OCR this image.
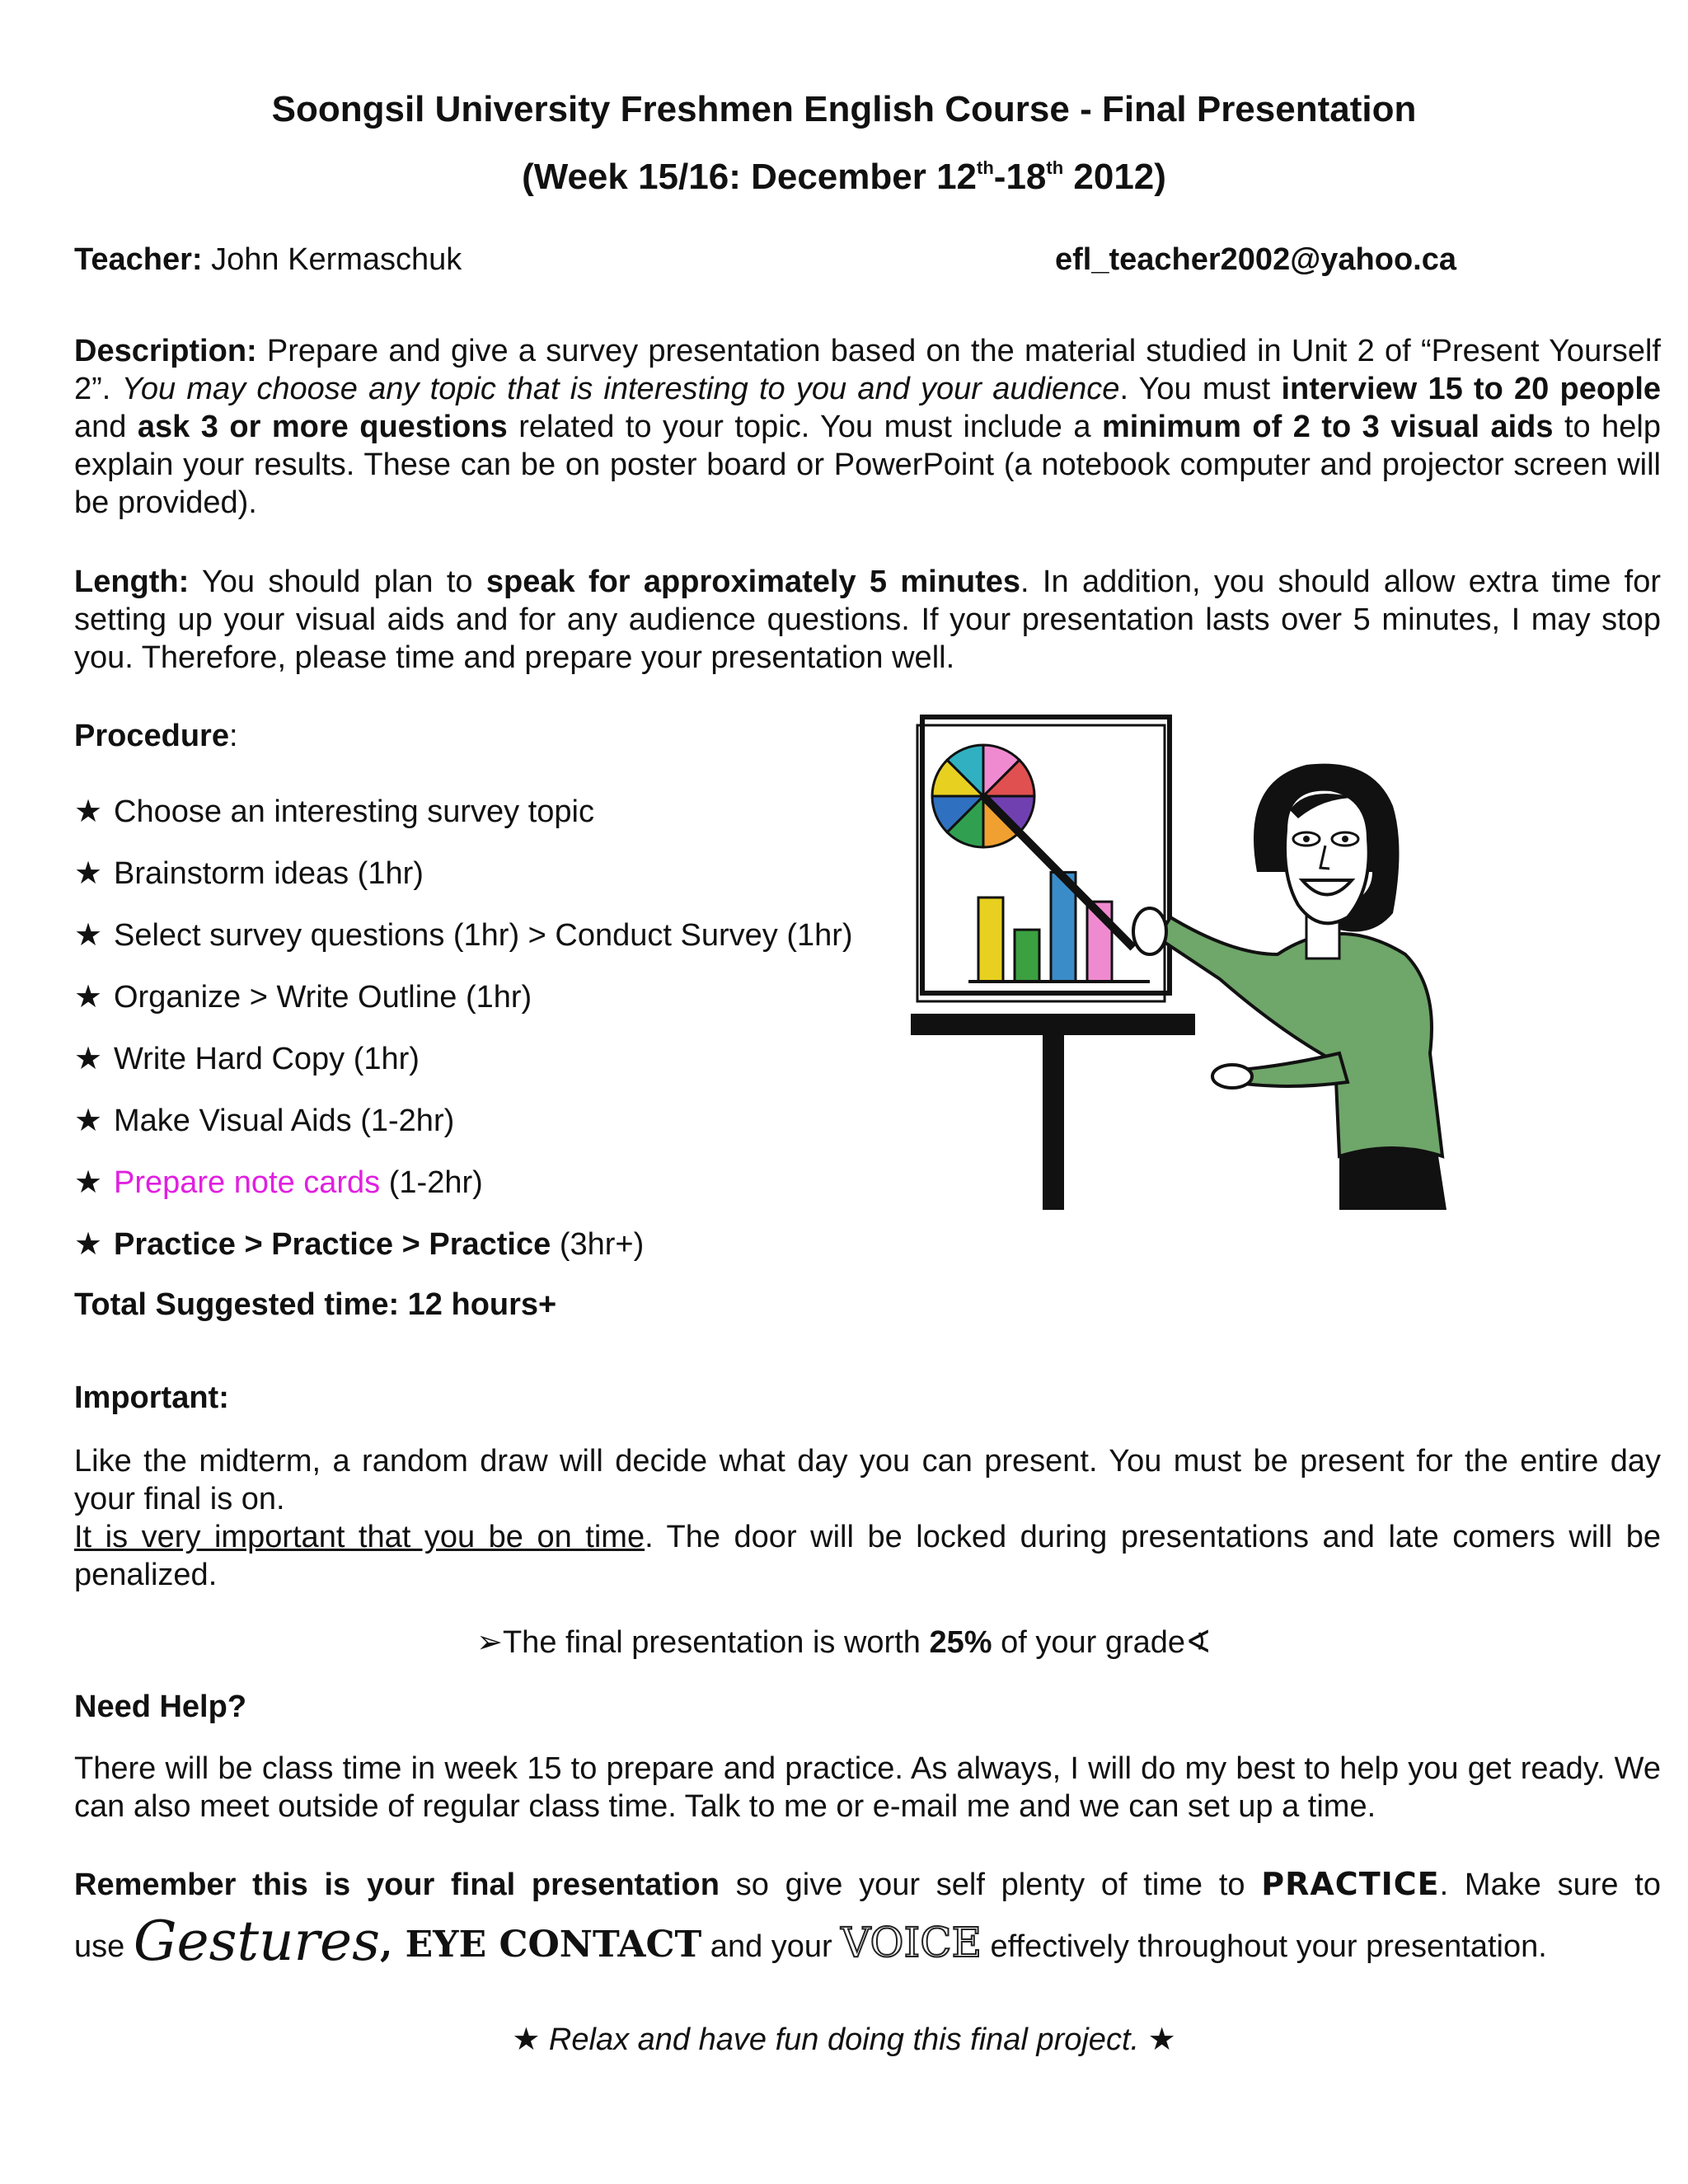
Soongsil University Freshmen English Course - Final Presentation
(Week 15/16: December 12th-18th 2012)
Teacher: John Kermaschuk	efl_teacher2002@yahoo.ca
Description: Prepare and give a survey presentation based on the material studied in Unit 2 of “Present Yourself 2”. You may choose any topic that is interesting to you and your audience. You must interview 15 to 20 people and ask 3 or more questions related to your topic. You must include a minimum of 2 to 3 visual aids to help explain your results. These can be on poster board or PowerPoint (a notebook computer and projector screen will be provided).
Length: You should plan to speak for approximately 5 minutes. In addition, you should allow extra time for setting up your visual aids and for any audience questions. If your presentation lasts over 5 minutes, I may stop you. Therefore, please time and prepare your presentation well.
Procedure:
★ Choose an interesting survey topic
★ Brainstorm ideas (1hr)
★ Select survey questions (1hr) > Conduct Survey (1hr)
★ Organize > Write Outline (1hr)
★ Write Hard Copy (1hr)
★ Make Visual Aids (1-2hr)
★ Prepare note cards (1-2hr)
★ Practice > Practice > Practice (3hr+)
Total Suggested time: 12 hours+
Important:
Like the midterm, a random draw will decide what day you can present. You must be present for the entire day your final is on.
It is very important that you be on time. The door will be locked during presentations and late comers will be penalized.
➢The final presentation is worth 25% of your grade∢
Need Help?
There will be class time in week 15 to prepare and practice. As always, I will do my best to help you get ready. We can also meet outside of regular class time. Talk to me or e-mail me and we can set up a time.
Remember this is your final presentation so give your self plenty of time to PRACTICE. Make sure to
use Gestures, EYE CONTACT and your VOICE effectively throughout your presentation.
★ Relax and have fun doing this final project. ★
